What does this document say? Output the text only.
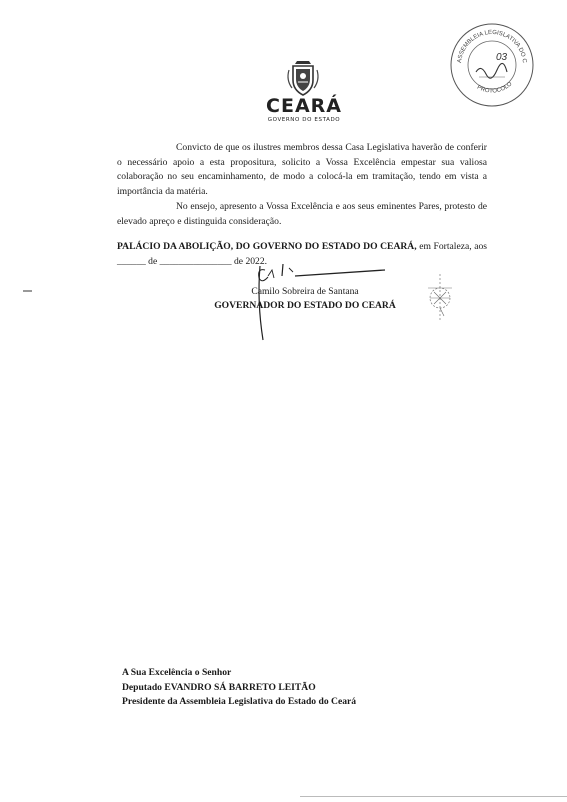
CEARÁ
GOVERNO DO ESTADO
ASSEMBLEIA LEGISLATIVA DO C
PROTOCOLO
03
Convicto de que os ilustres membros dessa Casa Legislativa haverão de conferir o necessário apoio a esta propositura, solicito a Vossa Excelência empestar sua valiosa colaboração no seu encaminhamento, de modo a colocá-la em tramitação, tendo em vista a importância da matéria.
No ensejo, apresento a Vossa Excelência e aos seus eminentes Pares, protesto de elevado apreço e distinguida consideração.
PALÁCIO DA ABOLIÇÃO, DO GOVERNO DO ESTADO DO CEARÁ, em Fortaleza, aos ______ de _______________ de 2022.
Camilo Sobreira de Santana
GOVERNADOR DO ESTADO DO CEARÁ
A Sua Excelência o Senhor
Deputado EVANDRO SÁ BARRETO LEITÃO
Presidente da Assembleia Legislativa do Estado do Ceará
